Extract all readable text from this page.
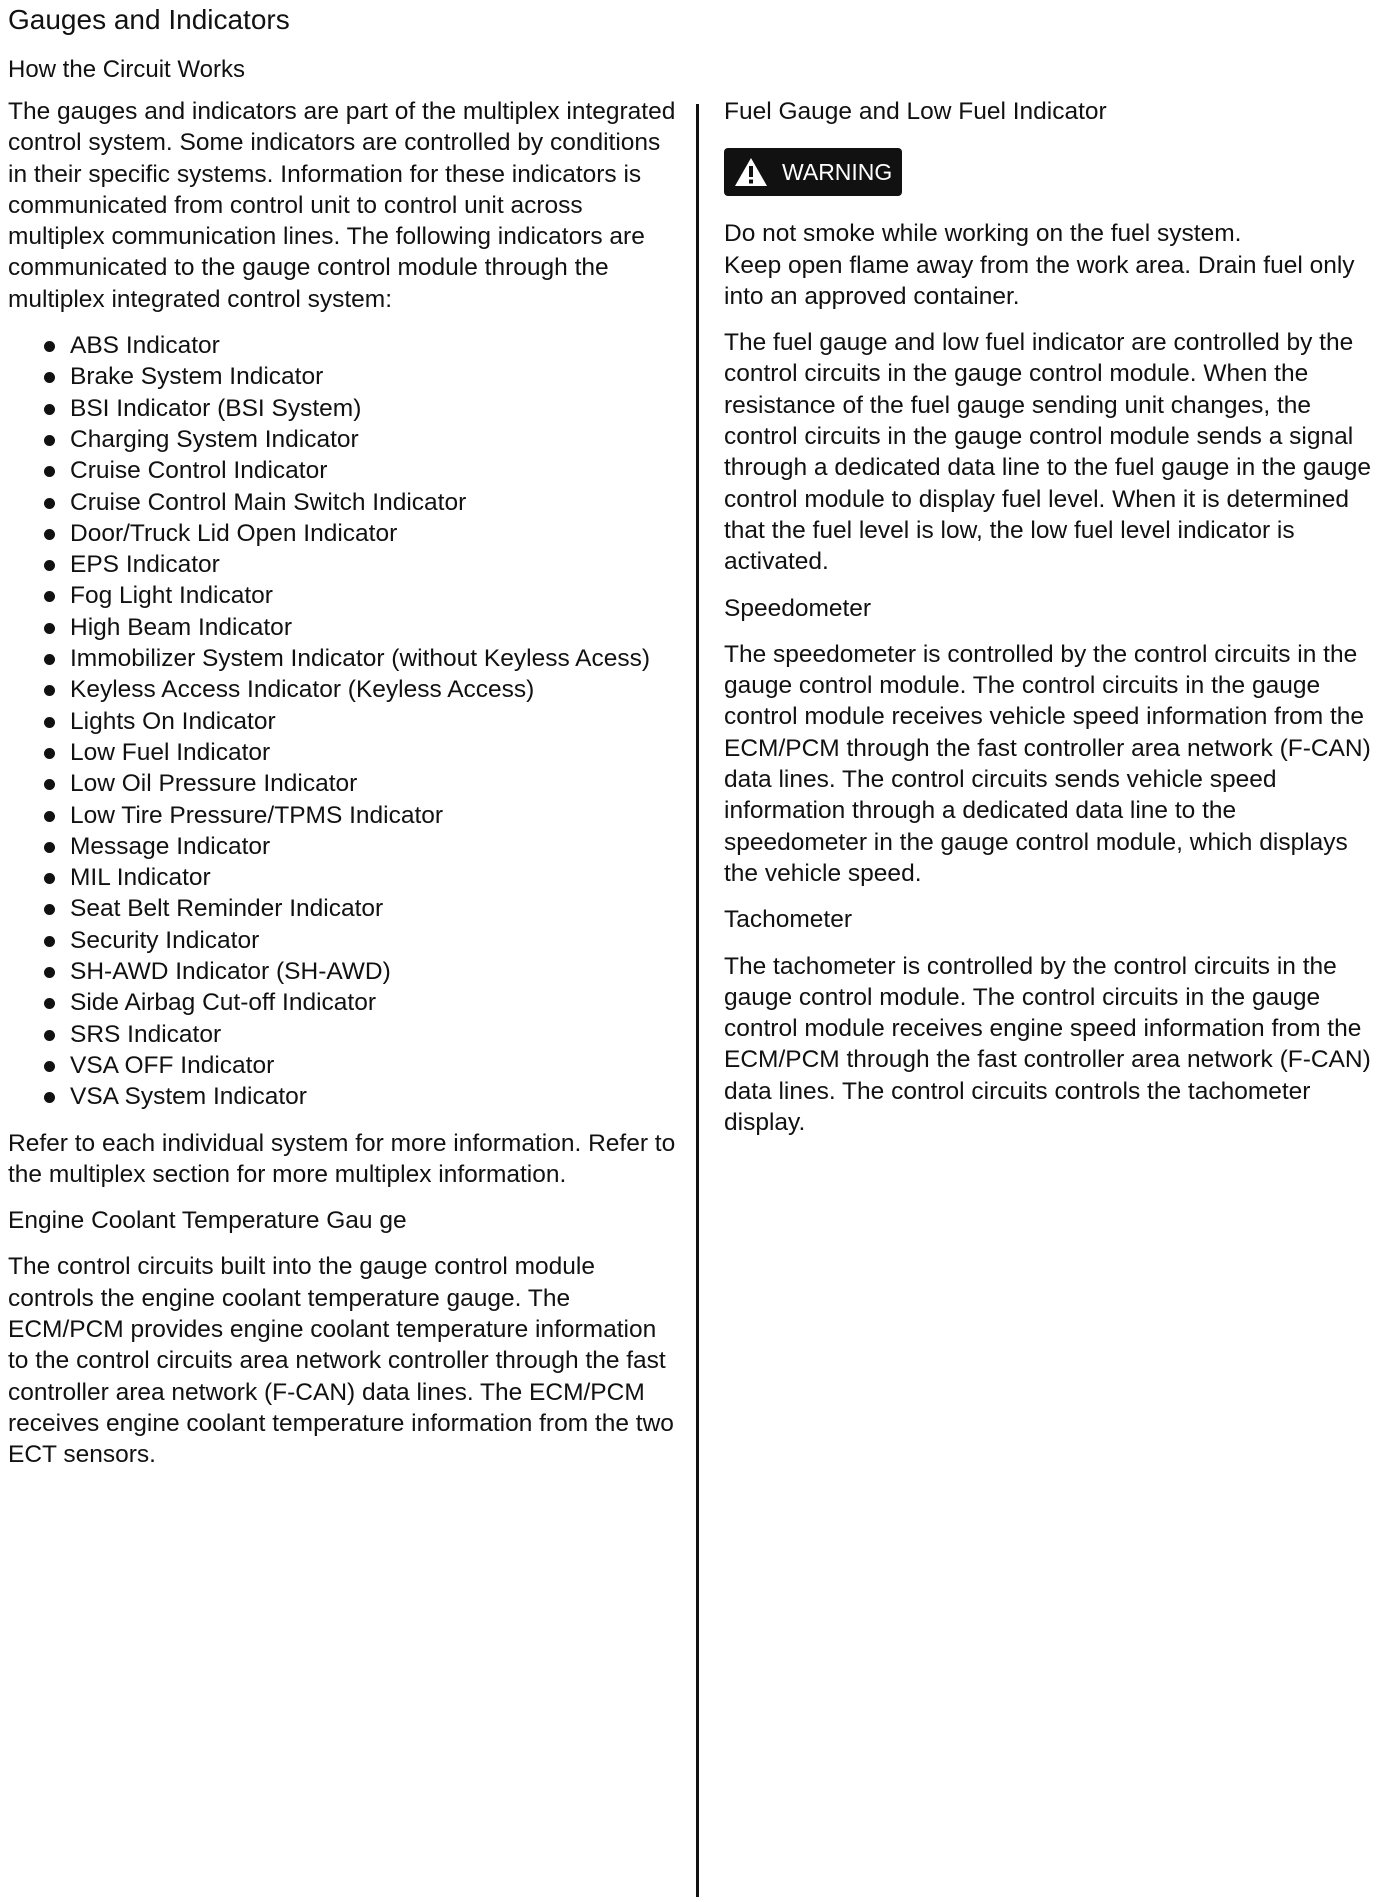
Gauges and Indicators
How the Circuit Works

The gauges and indicators are part of the multiplex integrated control system. Some indicators are controlled by conditions in their specific systems. Information for these indicators is communicated from control unit to control unit across multiplex communication lines. The following indicators are communicated to the gauge control module through the multiplex integrated control system:

ABS Indicator
Brake System Indicator
BSI Indicator (BSI System)
Charging System Indicator
Cruise Control Indicator
Cruise Control Main Switch Indicator
Door/Truck Lid Open Indicator
EPS Indicator
Fog Light Indicator
High Beam Indicator
Immobilizer System Indicator (without Keyless Acess)
Keyless Access Indicator (Keyless Access)
Lights On Indicator
Low Fuel Indicator
Low Oil Pressure Indicator
Low Tire Pressure/TPMS Indicator
Message Indicator
MIL Indicator
Seat Belt Reminder Indicator
Security Indicator
SH-AWD Indicator (SH-AWD)
Side Airbag Cut-off Indicator
SRS Indicator
VSA OFF Indicator
VSA System Indicator

Refer to each individual system for more information. Refer to the multiplex section for more multiplex information.

Engine Coolant Temperature Gau ge

The control circuits built into the gauge control module controls the engine coolant temperature gauge. The ECM/PCM provides engine coolant temperature information to the control circuits area network controller through the fast controller area network (F-CAN) data lines. The ECM/PCM receives engine coolant temperature information from the two ECT sensors.

Fuel Gauge and Low Fuel Indicator
WARNING

Do not smoke while working on the fuel system.
Keep open flame away from the work area. Drain fuel only into an approved container.

The fuel gauge and low fuel indicator are controlled by the control circuits in the gauge control module. When the resistance of the fuel gauge sending unit changes, the control circuits in the gauge control module sends a signal through a dedicated data line to the fuel gauge in the gauge control module to display fuel level. When it is determined that the fuel level is low, the low fuel level indicator is activated.

Speedometer

The speedometer is controlled by the control circuits in the gauge control module. The control circuits in the gauge control module receives vehicle speed information from the ECM/PCM through the fast controller area network (F-CAN) data lines. The control circuits sends vehicle speed information through a dedicated data line to the speedometer in the gauge control module, which displays the vehicle speed.

Tachometer

The tachometer is controlled by the control circuits in the gauge control module. The control circuits in the gauge control module receives engine speed information from the ECM/PCM through the fast controller area network (F-CAN) data lines. The control circuits controls the tachometer display.
